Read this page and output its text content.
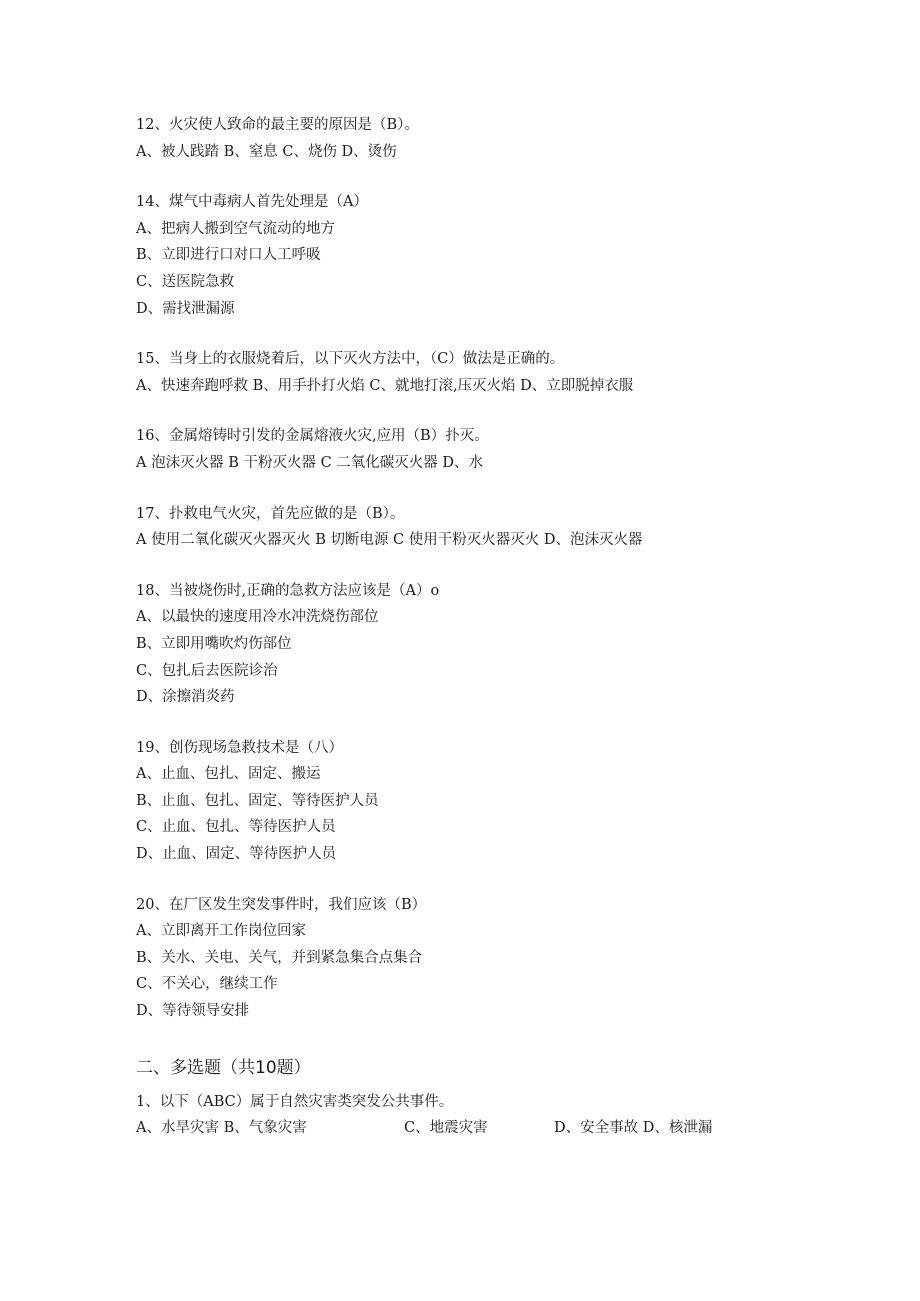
12、火灾使人致命的最主要的原因是（B）。
A、被人践踏 B、窒息 C、烧伤 D、烫伤
14、煤气中毒病人首先处理是（A）
A、把病人搬到空气流动的地方
B、立即进行口对口人工呼吸
C、送医院急救
D、需找泄漏源
15、当身上的衣服烧着后，以下灭火方法中，（C）做法是正确的。
A、快速奔跑呼救 B、用手扑打火焰 C、就地打滚,压灭火焰 D、立即脱掉衣服
16、金属熔铸时引发的金属熔液火灾,应用（B）扑灭。
A 泡沫灭火器 B 干粉灭火器 C 二氧化碳灭火器 D、水
17、扑救电气火灾，首先应做的是（B）。
A 使用二氧化碳灭火器灭火 B 切断电源 C 使用干粉灭火器灭火 D、泡沫灭火器
18、当被烧伤时,正确的急救方法应该是（A）o
A、以最快的速度用冷水冲洗烧伤部位
B、立即用嘴吹灼伤部位
C、包扎后去医院诊治
D、涂擦消炎药
19、创伤现场急救技术是（八）
A、止血、包扎、固定、搬运
B、止血、包扎、固定、等待医护人员
C、止血、包扎、等待医护人员
D、止血、固定、等待医护人员
20、在厂区发生突发事件时，我们应该（B）
A、立即离开工作岗位回家
B、关水、关电、关气，并到紧急集合点集合
C、不关心，继续工作
D、等待领导安排
二、多选题（共10题）
1、以下（ABC）属于自然灾害类突发公共事件。
A、水旱灾害 B、气象灾害	C、地震灾害	D、安全事故 D、核泄漏
